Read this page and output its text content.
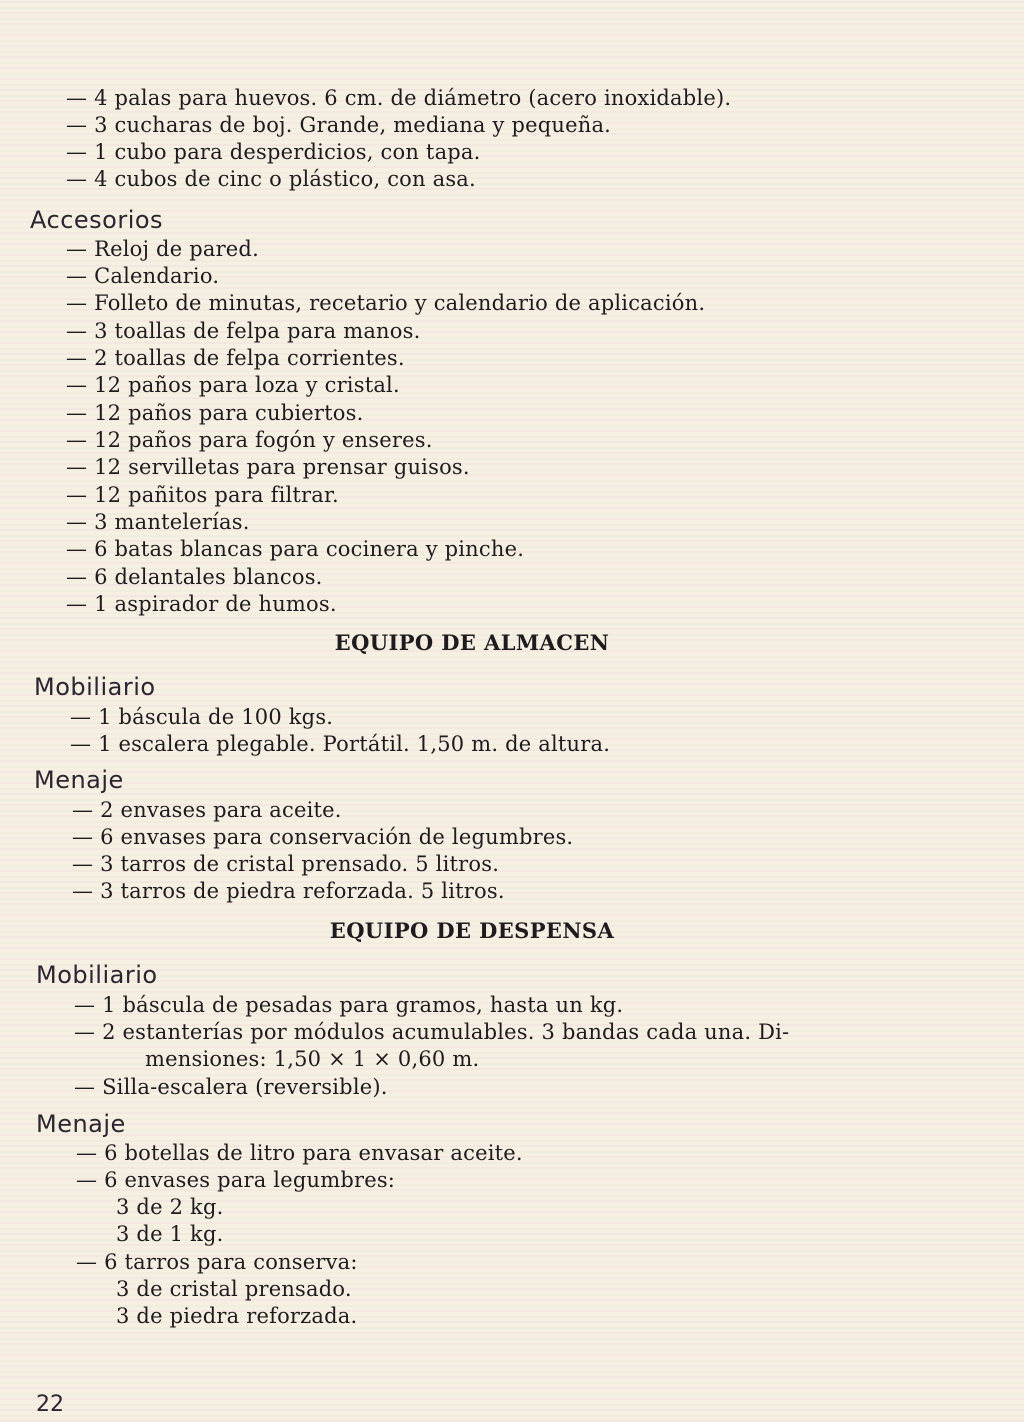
— 4 palas para huevos. 6 cm. de diámetro (acero inoxidable).
— 3 cucharas de boj. Grande, mediana y pequeña.
— 1 cubo para desperdicios, con tapa.
— 4 cubos de cinc o plástico, con asa.
Accesorios
— Reloj de pared.
— Calendario.
— Folleto de minutas, recetario y calendario de aplicación.
— 3 toallas de felpa para manos.
— 2 toallas de felpa corrientes.
— 12 paños para loza y cristal.
— 12 paños para cubiertos.
— 12 paños para fogón y enseres.
— 12 servilletas para prensar guisos.
— 12 pañitos para filtrar.
— 3 mantelerías.
— 6 batas blancas para cocinera y pinche.
— 6 delantales blancos.
— 1 aspirador de humos.
EQUIPO DE ALMACEN
Mobiliario
— 1 báscula de 100 kgs.
— 1 escalera plegable. Portátil. 1,50 m. de altura.
Menaje
— 2 envases para aceite.
— 6 envases para conservación de legumbres.
— 3 tarros de cristal prensado. 5 litros.
— 3 tarros de piedra reforzada. 5 litros.
EQUIPO DE DESPENSA
Mobiliario
— 1 báscula de pesadas para gramos, hasta un kg.
— 2 estanterías por módulos acumulables. 3 bandas cada una. Di-
mensiones: 1,50 × 1 × 0,60 m.
— Silla-escalera (reversible).
Menaje
— 6 botellas de litro para envasar aceite.
— 6 envases para legumbres:
3 de 2 kg.
3 de 1 kg.
— 6 tarros para conserva:
3 de cristal prensado.
3 de piedra reforzada.
22
